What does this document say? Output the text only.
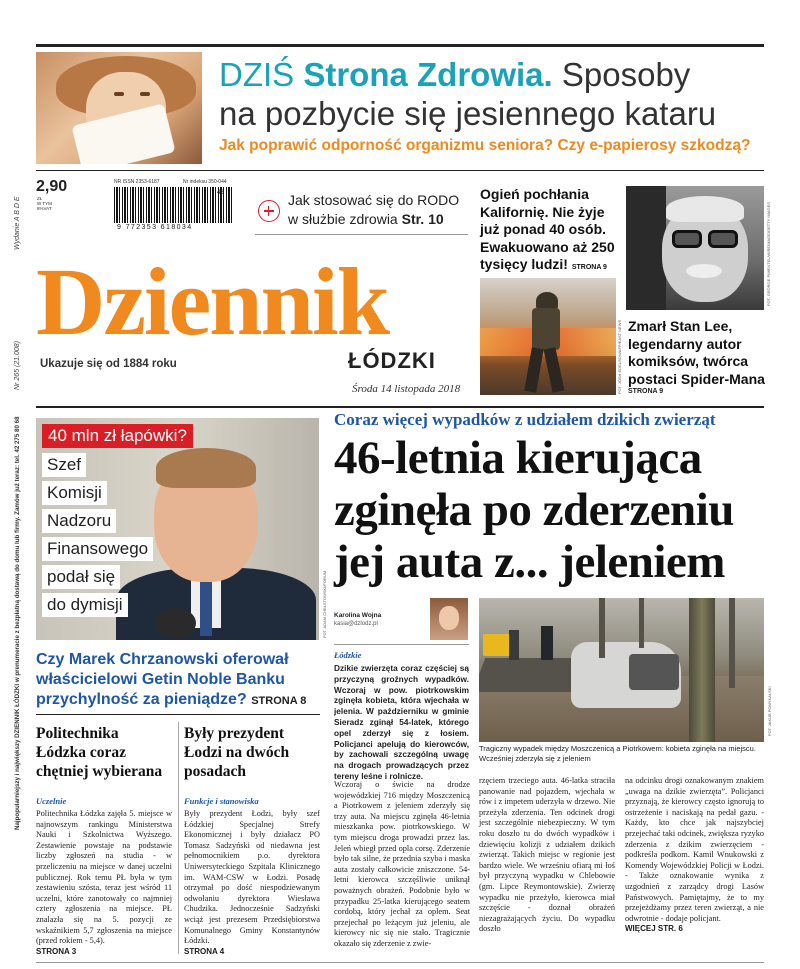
DZIŚ Strona Zdrowia. Sposoby
na pozbycie się jesiennego kataru
Jak poprawić odporność organizmu seniora? Czy e-papierosy szkodzą?
Wydanie A B D E
Nr 265 (21.008)
Najpopularniejszy i największy DZIENNIK ŁÓDZKI w prenumeracie z bezpłatną dostawą do domu lub firmy. Zamów już teraz: tel. 42 275 80 68
2,90
ZŁ
W TYM
8%VAT
NR ISSN 2353-6187	Nr indeksu 350-044
9 772353 618034
46	Jak stosować się do RODO
w służbie zdrowia Str. 10
Ogień pochłania Kalifornię. Nie żyje już ponad 40 osób. Ewakuowano aż 250 tysięcy ludzi! STRONA 9
FOT. JOSH EDELSON/AFP/EAST NEWS
FOT. GEORGE PIMENTEL/WIREIMAGE/GETTY IMAGES
Zmarł Stan Lee, legendarny autor komiksów, twórca postaci Spider-Mana
STRONA 9
Dziennik
ŁÓDZKI
Ukazuje się od 1884 roku
Środa 14 listopada 2018
40 mln zł łapówki?
Szef
Komisji
Nadzoru
Finansowego
podał się
do dymisji	FOT. ADAM CHEŁSTOWSKI/FORUM
Czy Marek Chrzanowski oferował właścicielowi Getin Noble Banku przychylność za pieniądze? STRONA 8
Politechnika Łódzka coraz chętniej wybierana
Uczelnie
Politechnika Łódzka zajęła 5. miejsce w najnowszym rankingu Ministerstwa Nauki i Szkolnictwa Wyższego. Zestawienie powstaje na podstawie liczby zgłoszeń na studia - w przeliczeniu na miejsce w danej uczelni publicznej. Rok temu PŁ była w tym zestawieniu szósta, teraz jest wśród 11 uczelni, które zanotowały co najmniej cztery zgłoszenia na miejsce. PŁ znalazła się na 5. pozycji ze wskaźnikiem 5,7 zgłoszenia na miejsce (przed rokiem - 5,4).
STRONA 3
Były prezydent Łodzi na dwóch posadach
Funkcje i stanowiska
Były prezydent Łodzi, były szef Łódzkiej Specjalnej Strefy Ekonomicznej i były działacz PO Tomasz Sadzyński od niedawna jest pełnomocnikiem p.o. dyrektora Uniwersyteckiego Szpitala Klinicznego im. WAM-CSW w Łodzi. Posadę otrzymał po dość niespodziewanym odwołaniu dyrektora Wiesława Chudzika. Jednocześnie Sadzyński wciąż jest prezesem Przedsiębiorstwa Komunalnego Gminy Konstantynów Łódzki.
STRONA 4
Coraz więcej wypadków z udziałem dzikich zwierząt
46-letnia kierująca
zginęła po zderzeniu
jej auta z... jeleniem
Karolina Wojna
kasia@dzlodz.pl
Łódzkie
Dzikie zwierzęta coraz częściej są przyczyną groźnych wypadków. Wczoraj w pow. piotrkowskim zginęła kobieta, która wjechała w jelenia. W październiku w gminie Sieradz zginął 54-latek, którego opel zderzył się z łosiem. Policjanci apelują do kierowców, by zachowali szczególną uwagę na drogach prowadzących przez tereny leśne i rolnicze.
FOT. JAKUB POMYKALSKI
Tragiczny wypadek między Moszczenicą a Piotrkowem: kobieta zginęła na miejscu. Wcześniej zderzyła się z jeleniem
Wczoraj o świcie na drodze wojewódzkiej 716 między Moszczenicą a Piotrkowem z jeleniem zderzyły się trzy auta. Na miejscu zginęła 46-letnia mieszkanka pow. piotrkowskiego. W tym miejscu droga prowadzi przez las. Jeleń wbiegł przed opla corsę. Zderzenie było tak silne, że przednia szyba i maska auta zostały całkowicie zniszczone. 54-letni kierowca szczęśliwie uniknął poważnych obrażeń. Podobnie było w przypadku 25-latka kierującego seatem cordobą, który jechał za oplem. Seat przejechał po leżącym już jeleniu, ale kierowcy nic się nie stało. Tragicznie okazało się zderzenie z zwie-
rzęciem trzeciego auta. 46-latka straciła panowanie nad pojazdem, wjechała w rów i z impetem uderzyła w drzewo. Nie przeżyła zderzenia. Ten odcinek drogi jest szczególnie niebezpieczny. W tym roku doszło tu do dwóch wypadków i dziewięciu kolizji z udziałem dzikich zwierząt. Takich miejsc w regionie jest bardzo wiele. We wrześniu ofiarą mi łoś był przyczyną wypadku w Chlebowie (gm. Lipce Reymontowskie). Zwierzę wypadku nie przeżyło, kierowca miał szczęście - doznał obrażeń niezagrażających życiu. Do wypadku doszło
na odcinku drogi oznakowanym znakiem „uwaga na dzikie zwierzęta”. Policjanci przyznają, że kierowcy często ignorują to ostrzeżenie i naciskają na pedał gazu. - Każdy, kto chce jak najszybciej przejechać taki odcinek, zwiększa ryzyko zderzenia z dzikim zwierzęciem - podkreśla podkom. Kamil Wnukowski z Komendy Wojewódzkiej Policji w Łodzi. - Także oznakowanie wynika z uzgodnień z zarządcy drogi Lasów Państwowych. Pamiętajmy, że to my przejeżdżamy przez teren zwierząt, a nie odwrotnie - dodaje policjant.
WIĘCEJ STR. 6
